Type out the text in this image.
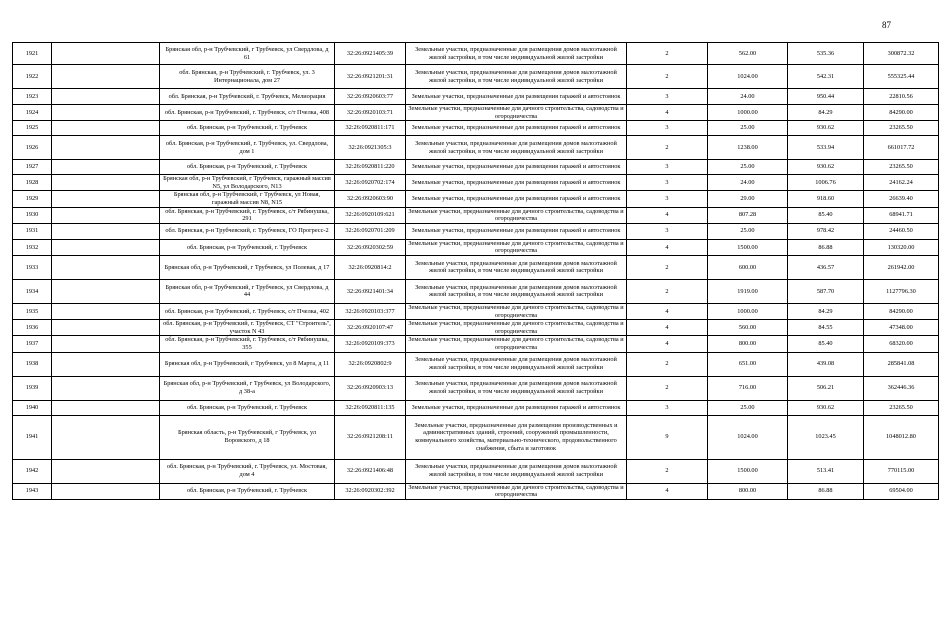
87
1921		Брянская обл, р-н Трубчевский, г Трубчевск, ул Свердлова, д 61	32:26:0921405:39	Земельные участки, предназначенные для размещения домов малоэтажной жилой застройки, в том числе индивидуальной жилой застройки	2	562.00	535.36	300872.32
1922		обл. Брянская, р-н Трубчевский, г. Трубчевск, ул. 3 Интернационала, дом 27	32:26:0921201:31	Земельные участки, предназначенные для размещения домов малоэтажной жилой застройки, в том числе индивидуальной жилой застройки	2	1024.00	542.31	555325.44
1923		обл. Брянская, р-н Трубчевский, г. Трубчевск, Мелиорация	32:26:0920603:77	Земельные участки, предназначенные для размещения гаражей и автостоянок	3	24.00	950.44	22810.56
1924		обл. Брянская, р-н Трубчевский, г. Трубчевск, с/т Пчелка, 408	32:26:0920103:71	Земельные участки, предназначенные для дачного строительства, садоводства и огородничества	4	1000.00	84.29	84290.00
1925		обл. Брянская, р-н Трубчевский, г. Трубчевск	32:26:0920811:171	Земельные участки, предназначенные для размещения гаражей и автостоянок	3	25.00	930.62	23265.50
1926		обл. Брянская, р-н Трубчевский, г. Трубчевск, ул. Свердлова, дом 1	32:26:0921305:3	Земельные участки, предназначенные для размещения домов малоэтажной жилой застройки, в том числе индивидуальной жилой застройки	2	1238.00	533.94	661017.72
1927		обл. Брянская, р-н Трубчевский, г. Трубчевск	32:26:0920811:220	Земельные участки, предназначенные для размещения гаражей и автостоянок	3	25.00	930.62	23265.50
1928		Брянская обл, р-н Трубчевский, г Трубчевск, гаражный массив N5, ул Володарского, N13	32:26:0920702:174	Земельные участки, предназначенные для размещения гаражей и автостоянок	3	24.00	1006.76	24162.24
1929		Брянская обл, р-н Трубчевский, г Трубчевск, ул Новая, гаражный массив N8, N15	32:26:0920603:90	Земельные участки, предназначенные для размещения гаражей и автостоянок	3	29.00	918.60	26639.40
1930		обл. Брянская, р-н Трубчевский, г. Трубчевск, с/т Рябинушка, 291	32:26:0920109:621	Земельные участки, предназначенные для дачного строительства, садоводства и огородничества	4	807.28	85.40	68941.71
1931		обл. Брянская, р-н Трубчевский, г. Трубчевск, ГО Прогресс-2	32:26:0920701:209	Земельные участки, предназначенные для размещения гаражей и автостоянок	3	25.00	978.42	24460.50
1932		обл. Брянская, р-н Трубчевский, г. Трубчевск	32:26:0920302:59	Земельные участки, предназначенные для дачного строительства, садоводства и огородничества	4	1500.00	86.88	130320.00
1933		Брянская обл, р-н Трубчевский, г Трубчевск, ул Полевая, д 17	32:26:0920814:2	Земельные участки, предназначенные для размещения домов малоэтажной жилой застройки, в том числе индивидуальной жилой застройки	2	600.00	436.57	261942.00
1934		Брянская обл, р-н Трубчевский, г Трубчевск, ул Свердлова, д 44	32:26:0921401:34	Земельные участки, предназначенные для размещения домов малоэтажной жилой застройки, в том числе индивидуальной жилой застройки	2	1919.00	587.70	1127796.30
1935		обл. Брянская, р-н Трубчевский, г. Трубчевск, с/т Пчелка, 402	32:26:0920103:377	Земельные участки, предназначенные для дачного строительства, садоводства и огородничества	4	1000.00	84.29	84290.00
1936		обл. Брянская, р-н Трубчевский, г. Трубчевск, СТ "Строитель", участок N 43	32:26:0920107:47	Земельные участки, предназначенные для дачного строительства, садоводства и огородничества	4	560.00	84.55	47348.00
1937		обл. Брянская, р-н Трубчевский, г. Трубчевск, с/т Рябинушка, 355	32:26:0920109:373	Земельные участки, предназначенные для дачного строительства, садоводства и огородничества	4	800.00	85.40	68320.00
1938		Брянская обл, р-н Трубчевский, г Трубчевск, ул 8 Марта, д 11	32:26:0920802:9	Земельные участки, предназначенные для размещения домов малоэтажной жилой застройки, в том числе индивидуальной жилой застройки	2	651.00	439.08	285841.08
1939		Брянская обл, р-н Трубчевский, г Трубчевск, ул Володарского, д 38-а	32:26:0920903:13	Земельные участки, предназначенные для размещения домов малоэтажной жилой застройки, в том числе индивидуальной жилой застройки	2	716.00	506.21	362446.36
1940		обл. Брянская, р-н Трубчевский, г. Трубчевск	32:26:0920811:135	Земельные участки, предназначенные для размещения гаражей и автостоянок	3	25.00	930.62	23265.50
1941		Брянская область, р-н Трубчевский, г Трубчевск, ул Воровского, д 18	32:26:0921208:11	Земельные участки, предназначенные для размещения производственных и административных зданий, строений, сооружений промышленности, коммунального хозяйства, материально-технического, продовольственного снабжения, сбыта и заготовок	9	1024.00	1023.45	1048012.80
1942		обл. Брянская, р-н Трубчевский, г. Трубчевск, ул. Мостовая, дом 4	32:26:0921406:48	Земельные участки, предназначенные для размещения домов малоэтажной жилой застройки, в том числе индивидуальной жилой застройки	2	1500.00	513.41	770115.00
1943		обл. Брянская, р-н Трубчевский, г. Трубчевск	32:26:0920302:392	Земельные участки, предназначенные для дачного строительства, садоводства и огородничества	4	800.00	86.88	69504.00
